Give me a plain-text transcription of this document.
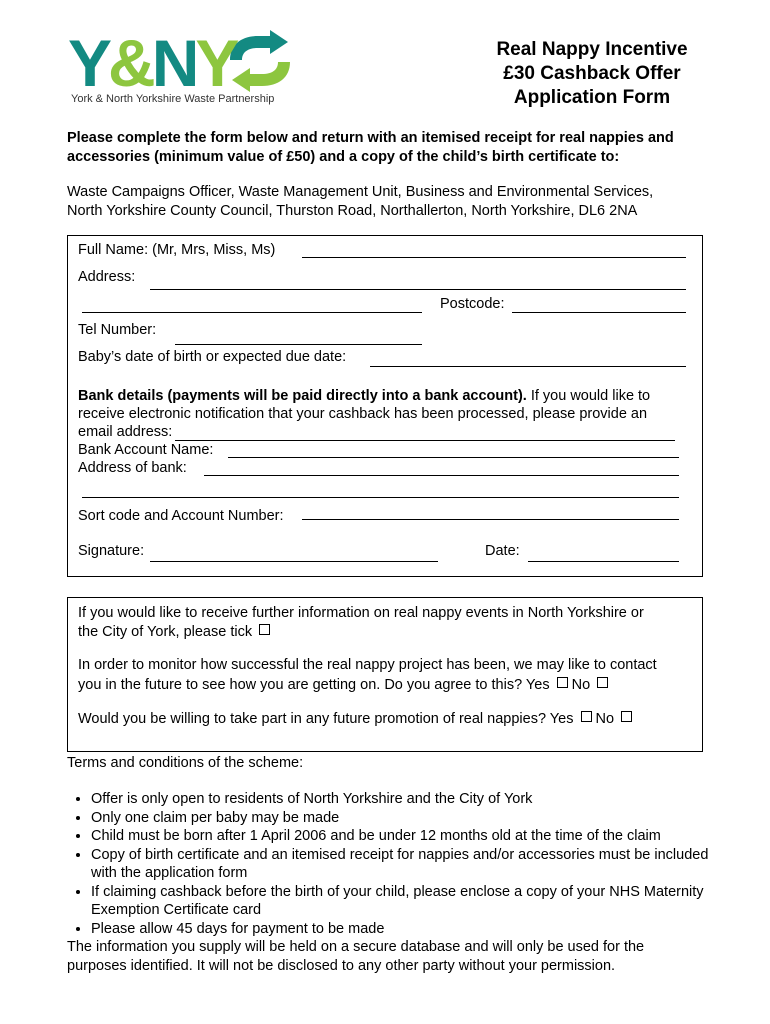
Y&NY
York & North Yorkshire Waste Partnership
Real Nappy Incentive
£30 Cashback Offer
Application Form
Please complete the form below and return with an itemised receipt for real nappies and accessories (minimum value of £50) and a copy of the child’s birth certificate to:
Waste Campaigns Officer, Waste Management Unit, Business and Environmental Services,
North Yorkshire County Council, Thurston Road, Northallerton, North Yorkshire, DL6 2NA
Full Name: (Mr, Mrs, Miss, Ms)
Address:
Postcode:
Tel Number:
Baby’s date of birth or expected due date:
Bank details (payments will be paid directly into a bank account). If you would like to
receive electronic notification that your cashback has been processed, please provide an
email address:
Bank Account Name:
Address of bank:
Sort code and Account Number:
Signature:	Date:
If you would like to receive further information on real nappy events in North Yorkshire or
the City of York, please tick
In order to monitor how successful the real nappy project has been, we may like to contact
you in the future to see how you are getting on. Do you agree to this? Yes No
Would you be willing to take part in any future promotion of real nappies? Yes No
Terms and conditions of the scheme:
• Offer is only open to residents of North Yorkshire and the City of York
• Only one claim per baby may be made
• Child must be born after 1 April 2006 and be under 12 months old at the time of the claim
• Copy of birth certificate and an itemised receipt for nappies and/or accessories must be included with the application form
• If claiming cashback before the birth of your child, please enclose a copy of your NHS Maternity Exemption Certificate card
• Please allow 45 days for payment to be made
The information you supply will be held on a secure database and will only be used for the purposes identified. It will not be disclosed to any other party without your permission.
